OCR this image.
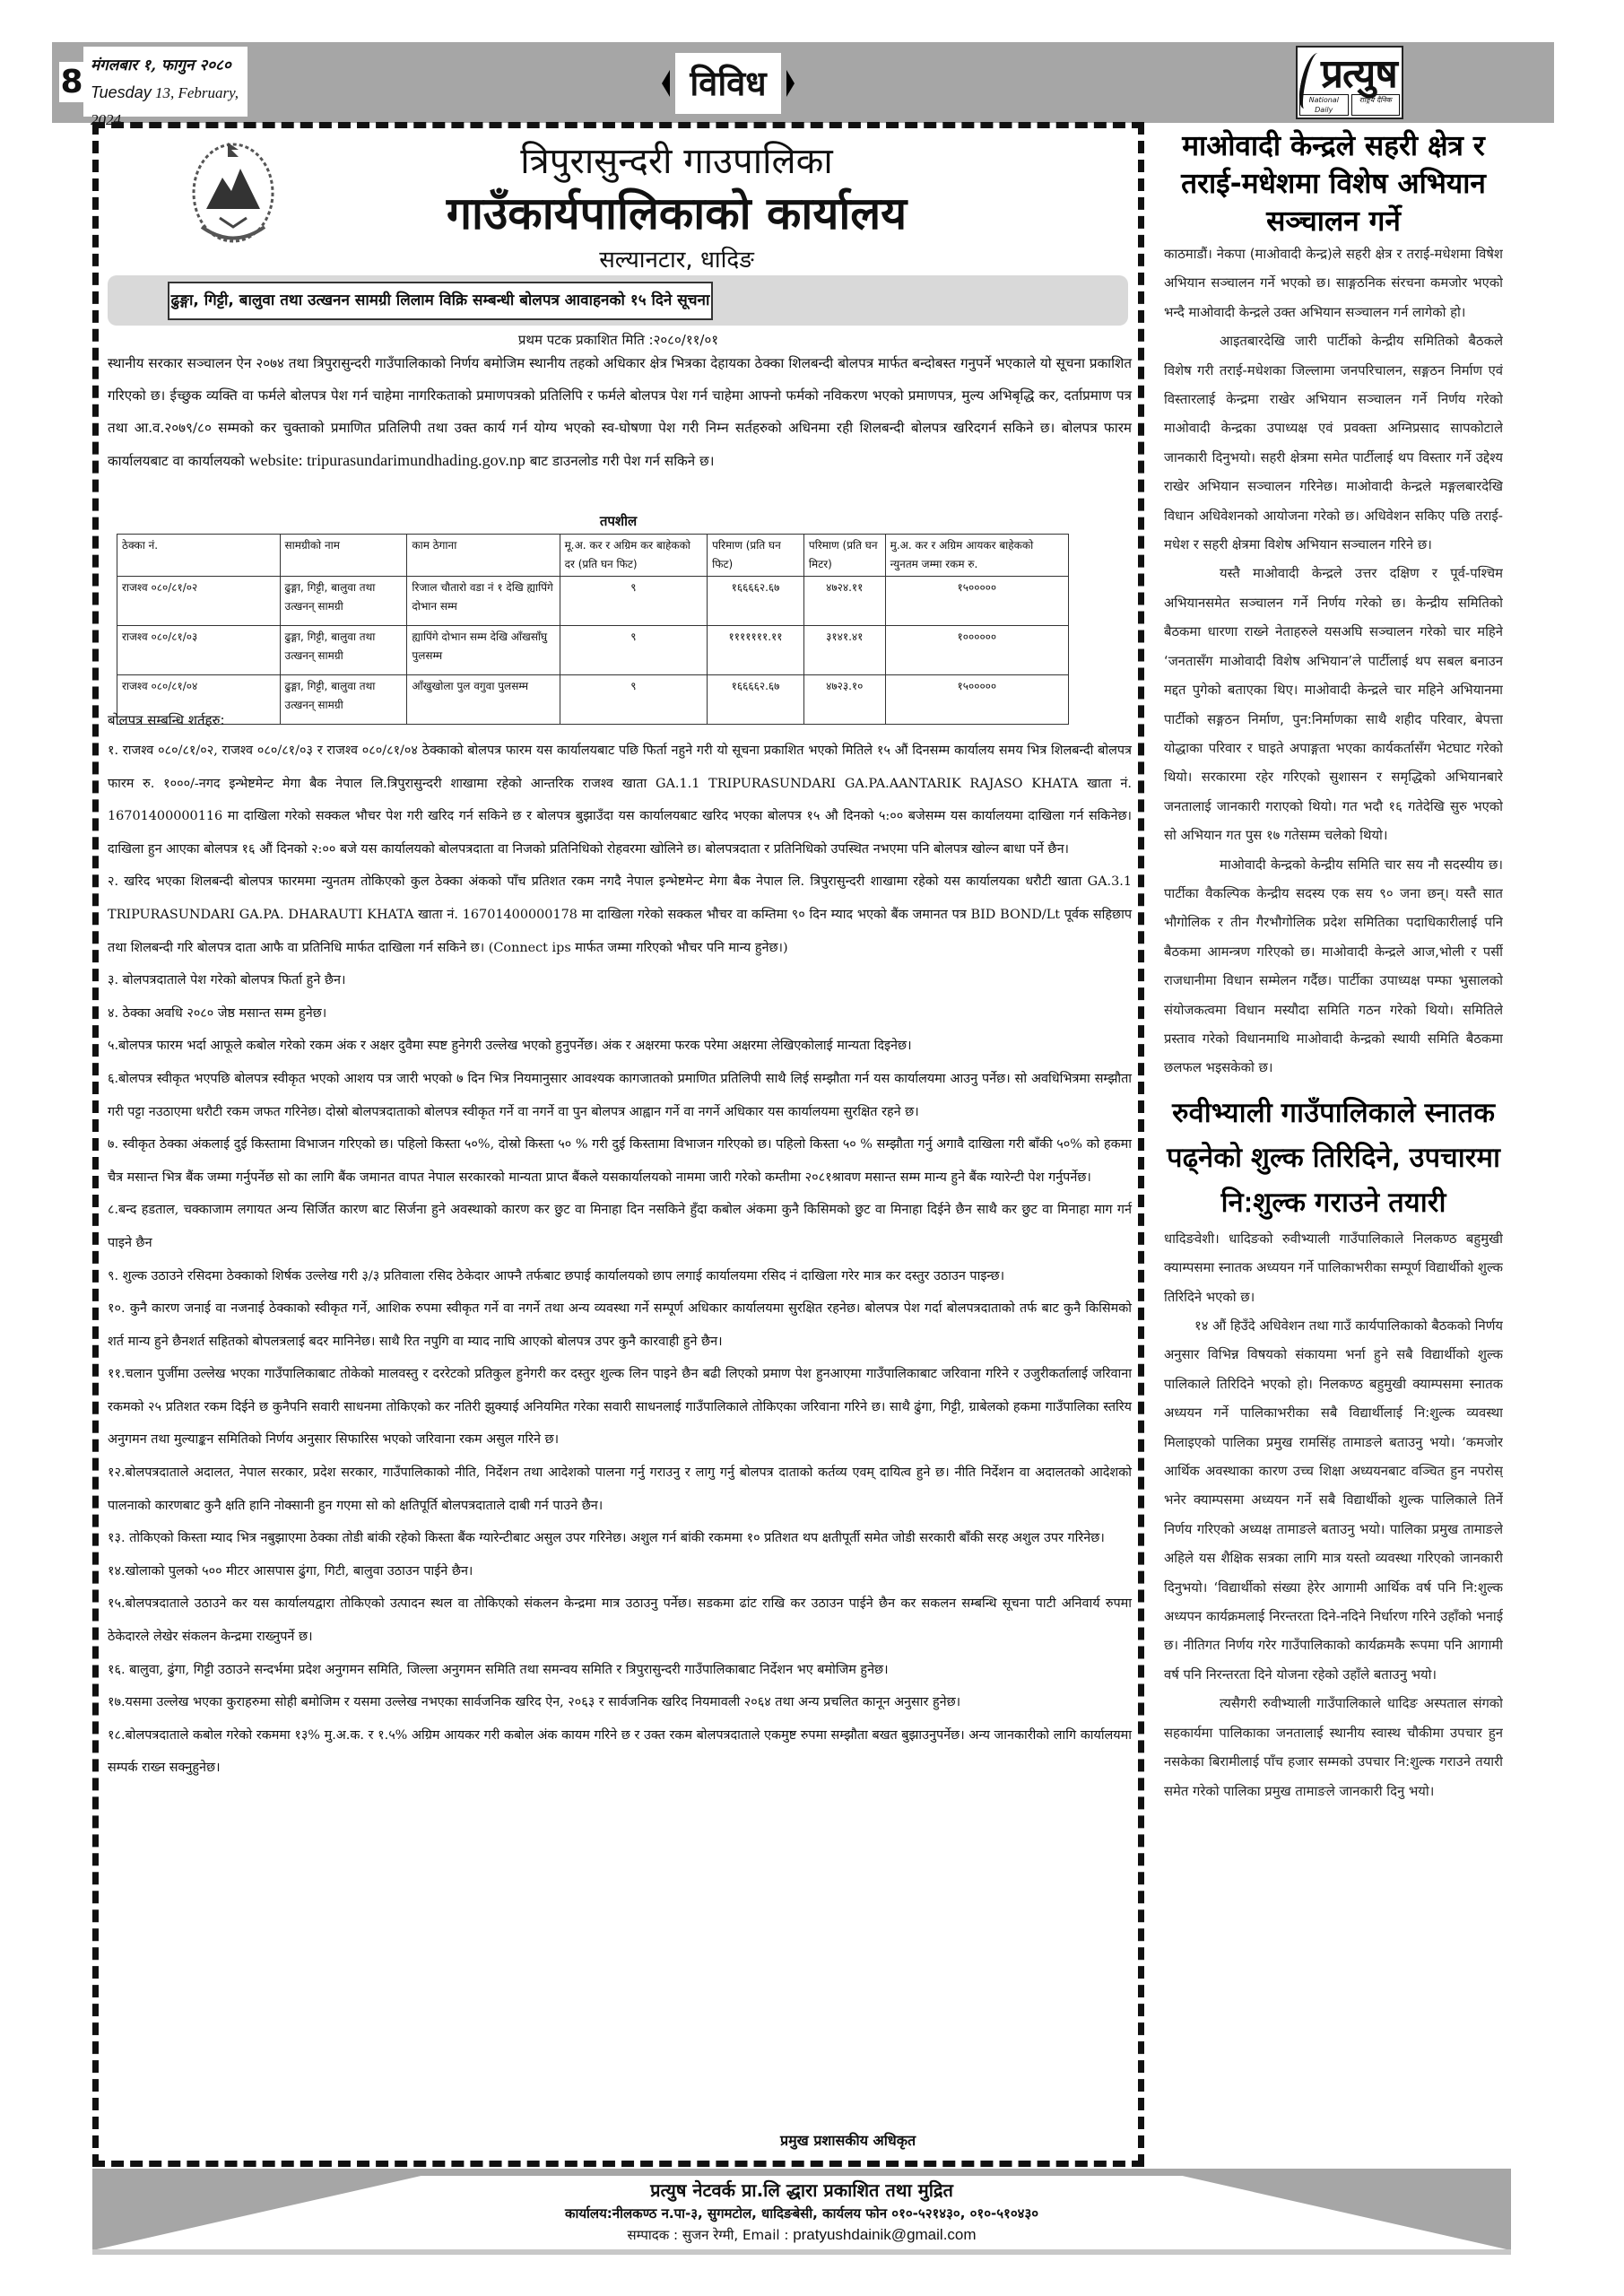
8 मंगलबार १, फागुन २०८०
Tuesday 13, February, 2024
विविध	प्रत्युष
National Daily
राष्ट्रिय दैनिक
त्रिपुरासुन्दरी गाउपालिका
गाउँकार्यपालिकाको कार्यालय
सल्यानटार, धादिङ
ढुङ्गा, गिट्टी, बालुवा तथा उत्खनन सामग्री लिलाम विक्रि सम्बन्धी बोलपत्र आवाहनको १५ दिने सूचना
प्रथम पटक प्रकाशित मिति :२०८०/११/०१
स्थानीय सरकार सञ्चालन ऐन २०७४ तथा त्रिपुरासुन्दरी गाउँपालिकाको निर्णय बमोजिम स्थानीय तहको अधिकार क्षेत्र भित्रका देहायका ठेक्का शिलबन्दी बोलपत्र मार्फत बन्दोबस्त गनुपर्ने भएकाले यो सूचना प्रकाशित गरिएको छ। ईच्छुक व्यक्ति वा फर्मले बोलपत्र पेश गर्न चाहेमा नागरिकताको प्रमाणपत्रको प्रतिलिपि र फर्मले बोलपत्र पेश गर्न चाहेमा आफ्नो फर्मको नविकरण भएको प्रमाणपत्र, मुल्य अभिबृद्धि कर, दर्ताप्रमाण पत्र तथा आ.व.२०७९/८० सम्मको कर चुक्ताको प्रमाणित प्रतिलिपी तथा उक्त कार्य गर्न योग्य भएको स्व-घोषणा पेश गरी निम्न सर्तहरुको अधिनमा रही शिलबन्दी बोलपत्र खरिदगर्न सकिने छ। बोलपत्र फारम कार्यालयबाट वा कार्यालयको website: tripurasundarimundhading.gov.np बाट डाउनलोड गरी पेश गर्न सकिने छ।
तपशील
ठेक्का नं.	सामग्रीको नाम	काम ठेगाना	मू.अ. कर र अग्रिम कर बाहेकको दर (प्रति घन फिट)	परिमाण (प्रति घन फिट)	परिमाण (प्रति घन मिटर)	मु.अ. कर र अग्रिम आयकर बाहेकको न्युनतम जम्मा रकम रु.
राजश्व ०८०/८१/०२	ढुङ्गा, गिट्टी, बालुवा तथा उत्खनन् सामग्री	रिजाल चौतारो वडा नं १ देखि ह्यापिंगे दोभान सम्म	९	१६६६६२.६७	४७२४.११	१५०००००
राजश्व ०८०/८१/०३	ढुङ्गा, गिट्टी, बालुवा तथा उत्खनन् सामग्री	ह्यापिंगे दोभान सम्म देखि आँखसाँघु पुलसम्म	९	१११११११.११	३१४१.४१	१००००००
राजश्व ०८०/८१/०४	ढुङ्गा, गिट्टी, बालुवा तथा उत्खनन् सामग्री	आँखुखोला पुल वगुवा पुलसम्म	९	१६६६६२.६७	४७२३.१०	१५०००००
बोलपत्र सम्बन्धि शर्तहरु:

१. राजश्व ०८०/८१/०२, राजश्व ०८०/८१/०३ र राजश्व ०८०/८१/०४ ठेक्काको बोलपत्र फारम यस कार्यालयबाट पछि फिर्ता नहुने गरी यो सूचना प्रकाशित भएको मितिले १५ औं दिनसम्म कार्यालय समय भित्र शिलबन्दी बोलपत्र फारम रु. १०००/-नगद इन्भेष्टमेन्ट मेगा बैक नेपाल लि.त्रिपुरासुन्दरी शाखामा रहेको आन्तरिक राजश्व खाता GA.1.1 TRIPURASUNDARI GA.PA.AANTARIK RAJASO KHATA खाता नं. 16701400000116 मा दाखिला गरेको सक्कल भौचर पेश गरी खरिद गर्न सकिने छ र बोलपत्र बुझाउँदा यस कार्यालयबाट खरिद भएका बोलपत्र १५ औ दिनको ५:०० बजेसम्म यस कार्यालयमा दाखिला गर्न सकिनेछ। दाखिला हुन आएका बोलपत्र १६ औं दिनको २:०० बजे यस कार्यालयको बोलपत्रदाता वा निजको प्रतिनिधिको रोहवरमा खोलिने छ। बोलपत्रदाता र प्रतिनिधिको उपस्थित नभएमा पनि बोलपत्र खोल्न बाधा पर्ने छैन।

२. खरिद भएका शिलबन्दी बोलपत्र फारममा न्युनतम तोकिएको कुल ठेक्का अंकको पाँच प्रतिशत रकम नगदै नेपाल इन्भेष्टमेन्ट मेगा बैक नेपाल लि. त्रिपुरासुन्दरी शाखामा रहेको यस कार्यालयका धरौटी खाता GA.3.1 TRIPURASUNDARI GA.PA. DHARAUTI KHATA खाता नं. 16701400000178 मा दाखिला गरेको सक्कल भौचर वा कम्तिमा ९० दिन म्याद भएको बैंक जमानत पत्र BID BOND/Lt पूर्वक सहिछाप तथा शिलबन्दी गरि बोलपत्र दाता आफै वा प्रतिनिधि मार्फत दाखिला गर्न सकिने छ। (Connect ips मार्फत जम्मा गरिएको भौचर पनि मान्य हुनेछ।)

३. बोलपत्रदाताले पेश गरेको बोलपत्र फिर्ता हुने छैन।

४. ठेक्का अवधि २०८० जेष्ठ मसान्त सम्म हुनेछ।

५.बोलपत्र फारम भर्दा आफूले कबोल गरेको रकम अंक र अक्षर दुवैमा स्पष्ट हुनेगरी उल्लेख भएको हुनुपर्नेछ। अंक र अक्षरमा फरक परेमा अक्षरमा लेखिएकोलाई मान्यता दिइनेछ।

६.बोलपत्र स्वीकृत भएपछि बोलपत्र स्वीकृत भएको आशय पत्र जारी भएको ७ दिन भित्र नियमानुसार आवश्यक कागजातको प्रमाणित प्रतिलिपी साथै लिई सम्झौता गर्न यस कार्यालयमा आउनु पर्नेछ। सो अवधिभित्रमा सम्झौता गरी पट्टा नउठाएमा धरौटी रकम जफत गरिनेछ। दोस्रो बोलपत्रदाताको बोलपत्र स्वीकृत गर्ने वा नगर्ने वा पुन बोलपत्र आह्वान गर्ने वा नगर्ने अधिकार यस कार्यालयमा सुरक्षित रहने छ।

७. स्वीकृत ठेक्का अंकलाई दुई किस्तामा विभाजन गरिएको छ। पहिलो किस्ता ५०%, दोस्रो किस्ता ५० % गरी दुई किस्तामा विभाजन गरिएको छ। पहिलो किस्ता ५० % सम्झौता गर्नु अगावै दाखिला गरी बाँकी ५०% को हकमा चैत्र मसान्त भित्र बैंक जम्मा गर्नुपर्नेछ सो का लागि बैंक जमानत वापत नेपाल सरकारको मान्यता प्राप्त बैंकले यसकार्यालयको नाममा जारी गरेको कम्तीमा २०८१श्रावण मसान्त सम्म मान्य हुने बैंक ग्यारेन्टी पेश गर्नुपर्नेछ।

८.बन्द हडताल, चक्काजाम लगायत अन्य सिर्जित कारण बाट सिर्जना हुने अवस्थाको कारण कर छुट वा मिनाहा दिन नसकिने हुँदा कबोल अंकमा कुनै किसिमको छुट वा मिनाहा दिईने छैन साथै कर छुट वा मिनाहा माग गर्न पाइने छैन

९. शुल्क उठाउने रसिदमा ठेक्काको शिर्षक उल्लेख गरी ३/३ प्रतिवाला रसिद ठेकेदार आफ्नै तर्फबाट छपाई कार्यालयको छाप लगाई कार्यालयमा रसिद नं दाखिला गरेर मात्र कर दस्तुर उठाउन पाइन्छ।

१०. कुनै कारण जनाई वा नजनाई ठेक्काको स्वीकृत गर्ने, आशिक रुपमा स्वीकृत गर्ने वा नगर्ने तथा अन्य व्यवस्था गर्ने सम्पूर्ण अधिकार कार्यालयमा सुरक्षित रहनेछ। बोलपत्र पेश गर्दा बोलपत्रदाताको तर्फ बाट कुनै किसिमको शर्त मान्य हुने छैनशर्त सहितको बोपलत्रलाई बदर मानिनेछ। साथै रित नपुगि वा म्याद नाघि आएको बोलपत्र उपर कुनै कारवाही हुने छैन।

११.चलान पुर्जीमा उल्लेख भएका गाउँपालिकाबाट तोकेको मालवस्तु र दररेटको प्रतिकुल हुनेगरी कर दस्तुर शुल्क लिन पाइने छैन बढी लिएको प्रमाण पेश हुनआएमा गाउँपालिकाबाट जरिवाना गरिने र उजुरीकर्तालाई जरिवाना रकमको २५ प्रतिशत रकम दिईने छ कुनैपनि सवारी साधनमा तोकिएको कर नतिरी झुक्याई अनियमित गरेका सवारी साधनलाई गाउँपालिकाले तोकिएका जरिवाना गरिने छ। साथै ढुंगा, गिट्टी, ग्राबेलको हकमा गाउँपालिका स्तरिय अनुगमन तथा मुल्याङ्कन समितिको निर्णय अनुसार सिफारिस भएको जरिवाना रकम असुल गरिने छ।

१२.बोलपत्रदाताले अदालत, नेपाल सरकार, प्रदेश सरकार, गाउँपालिकाको नीति, निर्देशन तथा आदेशको पालना गर्नु गराउनु र लागु गर्नु बोलपत्र दाताको कर्तव्य एवम् दायित्व हुने छ। नीति निर्देशन वा अदालतको आदेशको पालनाको कारणबाट कुनै क्षति हानि नोक्सानी हुन गएमा सो को क्षतिपूर्ति बोलपत्रदाताले दाबी गर्न पाउने छैन।

१३. तोकिएको किस्ता म्याद भित्र नबुझाएमा ठेक्का तोडी बांकी रहेको किस्ता बैंक ग्यारेन्टीबाट असुल उपर गरिनेछ। अशुल गर्न बांकी रकममा १० प्रतिशत थप क्षतीपूर्ती समेत जोडी सरकारी बाँकी सरह अशुल उपर गरिनेछ।

१४.खोलाको पुलको ५०० मीटर आसपास ढुंगा, गिटी, बालुवा उठाउन पाईने छैन।

१५.बोलपत्रदाताले उठाउने कर यस कार्यालयद्वारा तोकिएको उत्पादन स्थल वा तोकिएको संकलन केन्द्रमा मात्र उठाउनु पर्नेछ। सडकमा ढांट राखि कर उठाउन पाईने छैन कर सकलन सम्बन्धि सूचना पाटी अनिवार्य रुपमा ठेकेदारले लेखेर संकलन केन्द्रमा राख्नुपर्ने छ।

१६. बालुवा, ढुंगा, गिट्टी उठाउने सन्दर्भमा प्रदेश अनुगमन समिति, जिल्ला अनुगमन समिति तथा समन्वय समिति र त्रिपुरासुन्दरी गाउँपालिकाबाट निर्देशन भए बमोजिम हुनेछ।

१७.यसमा उल्लेख भएका कुराहरुमा सोही बमोजिम र यसमा उल्लेख नभएका सार्वजनिक खरिद ऐन, २०६३ र सार्वजनिक खरिद नियमावली २०६४ तथा अन्य प्रचलित कानून अनुसार हुनेछ।

१८.बोलपत्रदाताले कबोल गरेको रकममा १३% मु.अ.क. र १.५% अग्रिम आयकर गरी कबोल अंक कायम गरिने छ र उक्त रकम बोलपत्रदाताले एकमुष्ट रुपमा सम्झौता बखत बुझाउनुपर्नेछ। अन्य जानकारीको लागि कार्यालयमा सम्पर्क राख्न सक्नुहुनेछ।

प्रमुख प्रशासकीय अधिकृत
माओवादी केन्द्रले सहरी क्षेत्र र तराई-मधेशमा विशेष अभियान सञ्चालन गर्ने

काठमाडौं। नेकपा (माओवादी केन्द्र)ले सहरी क्षेत्र र तराई-मधेशमा विषेश अभियान सञ्चालन गर्ने भएको छ। साङ्गठनिक संरचना कमजोर भएको भन्दै माओवादी केन्द्रले उक्त अभियान सञ्चालन गर्न लागेको हो।

आइतबारदेखि जारी पार्टीको केन्द्रीय समितिको बैठकले विशेष गरी तराई-मधेशका जिल्लामा जनपरिचालन, सङ्गठन निर्माण एवं विस्तारलाई केन्द्रमा राखेर अभियान सञ्चालन गर्ने निर्णय गरेको माओवादी केन्द्रका उपाध्यक्ष एवं प्रवक्ता अग्निप्रसाद सापकोटाले जानकारी दिनुभयो। सहरी क्षेत्रमा समेत पार्टीलाई थप विस्तार गर्ने उद्देश्य राखेर अभियान सञ्चालन गरिनेछ। माओवादी केन्द्रले मङ्गलबारदेखि विधान अधिवेशनको आयोजना गरेको छ। अधिवेशन सकिए पछि तराई-मधेश र सहरी क्षेत्रमा विशेष अभियान सञ्चालन गरिने छ।

यस्तै माओवादी केन्द्रले उत्तर दक्षिण र पूर्व-पश्चिम अभियानसमेत सञ्चालन गर्ने निर्णय गरेको छ। केन्द्रीय समितिको बैठकमा धारणा राख्ने नेताहरुले यसअघि सञ्चालन गरेको चार महिने ‘जनतासँग माओवादी विशेष अभियान’ले पार्टीलाई थप सबल बनाउन मद्दत पुगेको बताएका थिए। माओवादी केन्द्रले चार महिने अभियानमा पार्टीको सङ्गठन निर्माण, पुन:निर्माणका साथै शहीद परिवार, बेपत्ता योद्धाका परिवार र घाइते अपाङ्गता भएका कार्यकर्तासँग भेटघाट गरेको थियो। सरकारमा रहेर गरिएको सुशासन र समृद्धिको अभियानबारे जनतालाई जानकारी गराएको थियो। गत भदौ १६ गतेदेखि सुरु भएको सो अभियान गत पुस १७ गतेसम्म चलेको थियो।

माओवादी केन्द्रको केन्द्रीय समिति चार सय नौ सदस्यीय छ। पार्टीका वैकल्पिक केन्द्रीय सदस्य एक सय ९० जना छन्। यस्तै सात भौगोलिक र तीन गैरभौगोलिक प्रदेश समितिका पदाधिकारीलाई पनि बैठकमा आमन्त्रण गरिएको छ। माओवादी केन्द्रले आज,भोली र पर्सी राजधानीमा विधान सम्मेलन गर्दैछ। पार्टीका उपाध्यक्ष पम्फा भुसालको संयोजकत्वमा विधान मस्यौदा समिति गठन गरेको थियो। समितिले प्रस्ताव गरेको विधानमाथि माओवादी केन्द्रको स्थायी समिति बैठकमा छलफल भइसकेको छ।

रुवीभ्याली गाउँपालिकाले स्नातक पढ्नेको शुल्क तिरिदिने, उपचारमा नि:शुल्क गराउने तयारी

धादिङवेशी। धादिङको रुवीभ्याली गाउँपालिकाले निलकण्ठ बहुमुखी क्याम्पसमा स्नातक अध्ययन गर्ने पालिकाभरीका सम्पूर्ण विद्यार्थीको शुल्क तिरिदिने भएको छ।

१४ औं हिउँदे अधिवेशन तथा गाउँ कार्यपालिकाको बैठकको निर्णय अनुसार विभिन्न विषयको संकायमा भर्ना हुने सबै विद्यार्थीको शुल्क पालिकाले तिरिदिने भएको हो। निलकण्ठ बहुमुखी क्याम्पसमा स्नातक अध्ययन गर्ने पालिकाभरीका सबै विद्यार्थीलाई नि:शुल्क व्यवस्था मिलाइएको पालिका प्रमुख रामसिंह तामाङले बताउनु भयो। ‘कमजोर आर्थिक अवस्थाका कारण उच्च शिक्षा अध्ययनबाट वञ्चित हुन नपरोस् भनेर क्याम्पसमा अध्ययन गर्ने सबै विद्यार्थीको शुल्क पालिकाले तिर्ने निर्णय गरिएको अध्यक्ष तामाङले बताउनु भयो। पालिका प्रमुख तामाङले अहिले यस शैक्षिक सत्रका लागि मात्र यस्तो व्यवस्था गरिएको जानकारी दिनुभयो। ‘विद्यार्थीको संख्या हेरेर आगामी आर्थिक वर्ष पनि नि:शुल्क अध्यपन कार्यक्रमलाई निरन्तरता दिने-नदिने निर्धारण गरिने उहाँको भनाई छ। नीतिगत निर्णय गरेर गाउँपालिकाको कार्यक्रमकै रूपमा पनि आगामी वर्ष पनि निरन्तरता दिने योजना रहेको उहाँले बताउनु भयो।

त्यसैगरी रुवीभ्याली गाउँपालिकाले धादिङ अस्पताल संगको सहकार्यमा पालिकाका जनतालाई स्थानीय स्वास्थ चौकीमा उपचार हुन नसकेका बिरामीलाई पाँच हजार सम्मको उपचार नि:शुल्क गराउने तयारी समेत गरेको पालिका प्रमुख तामाङले जानकारी दिनु भयो।

प्रत्युष नेटवर्क प्रा.लि द्धारा प्रकाशित तथा मुद्रित
कार्यालय:नीलकण्ठ न.पा-३, सुगमटोल, धादिङबेसी, कार्यलय फोन ०१०-५२१४३०, ०१०-५१०४३०
सम्पादक : सुजन रेग्मी, Email : pratyushdainik@gmail.com
